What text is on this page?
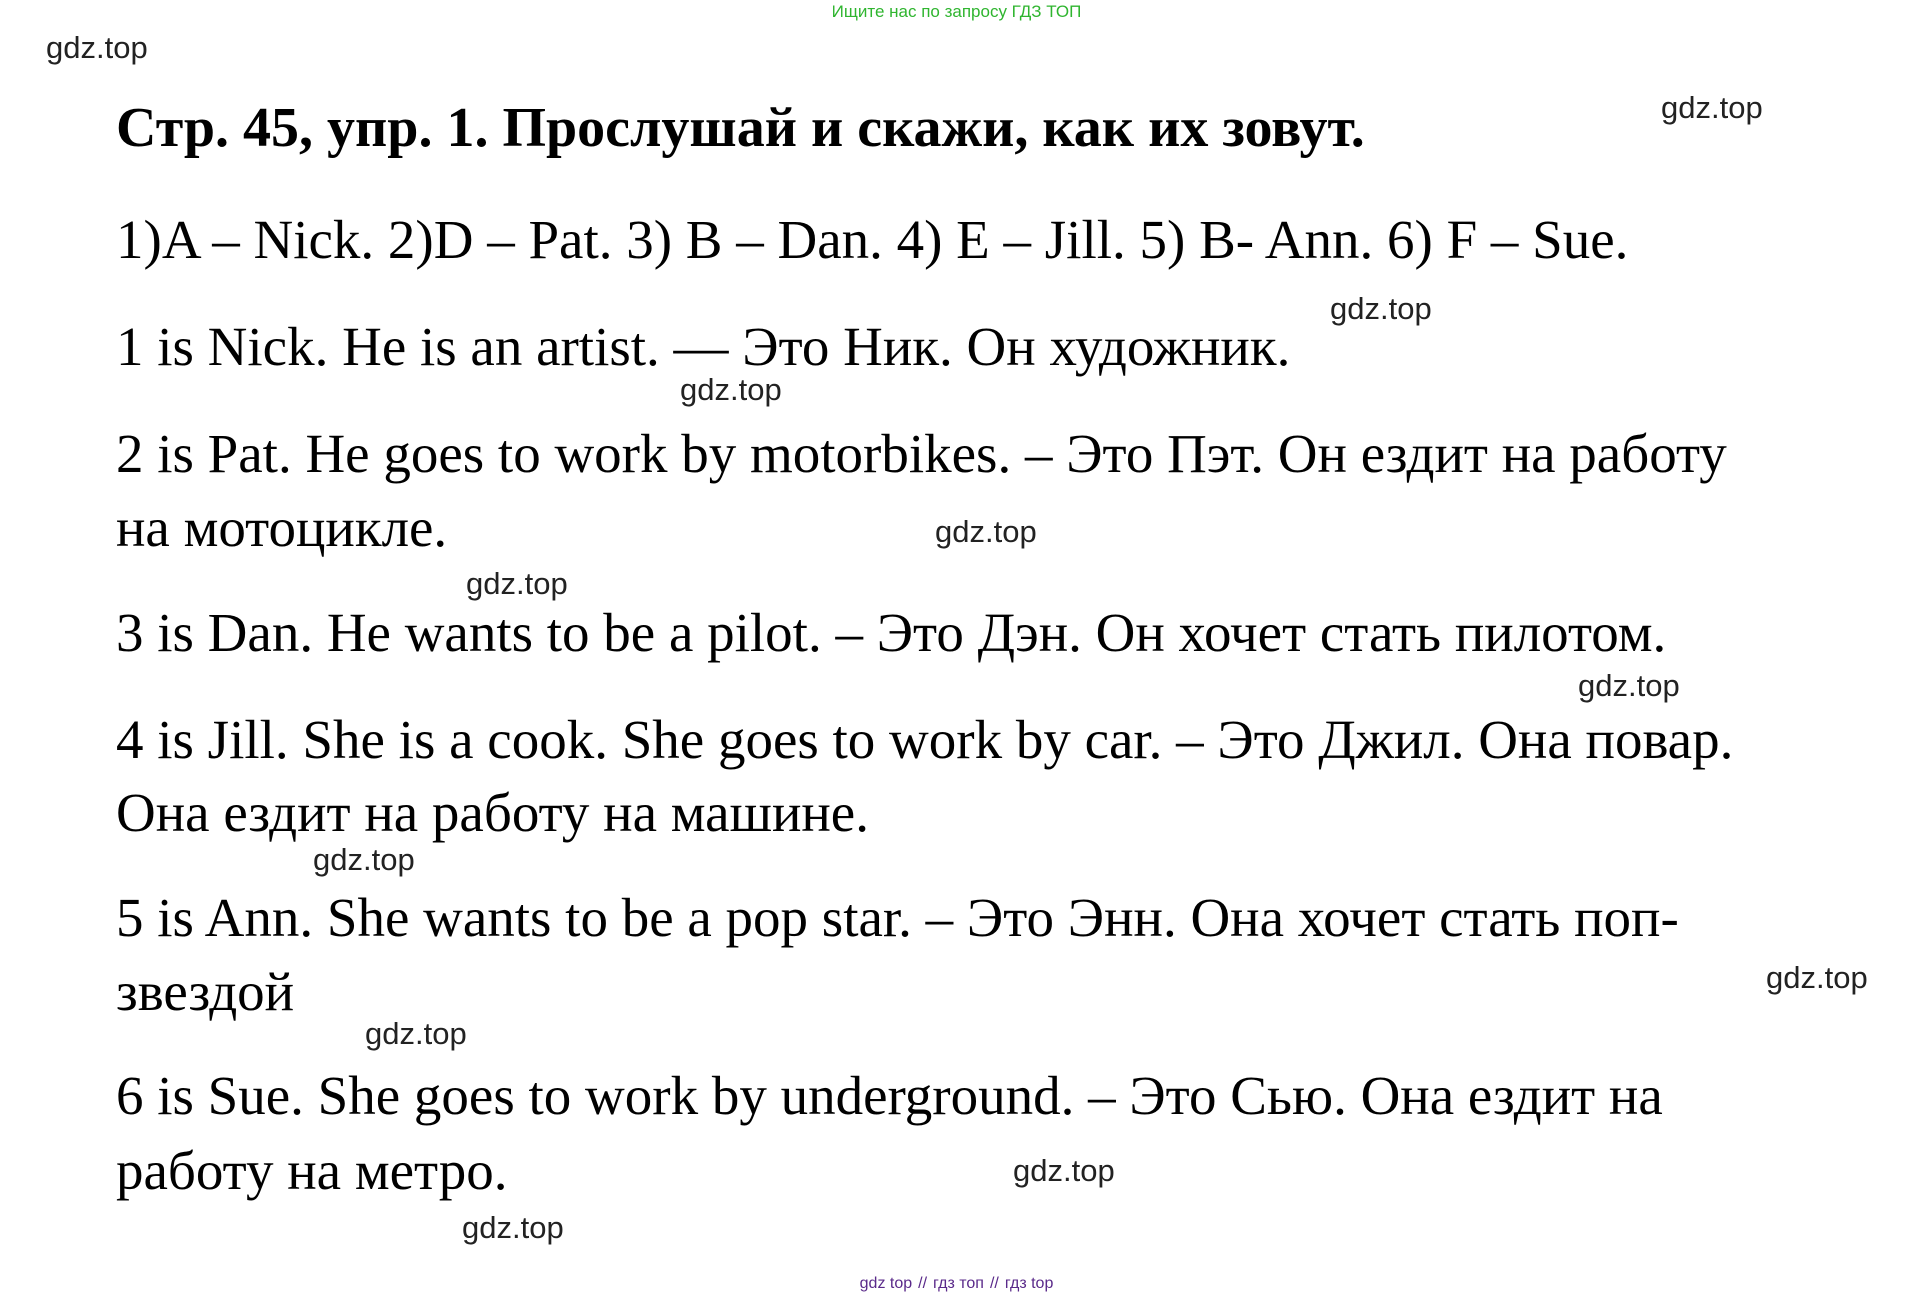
Ищите нас по запросу ГДЗ ТОП
gdz.top
gdz.top
gdz.top
gdz.top
gdz.top
gdz.top
gdz.top
gdz.top
gdz.top
gdz.top
gdz.top
gdz.top
Стр. 45, упр. 1. Прослушай и скажи, как их зовут.
1)A – Nick. 2)D – Pat. 3) B – Dan. 4) E – Jill. 5) B- Ann. 6) F – Sue.
1 is Nick. He is an artist. — Это Ник. Он художник.
2 is Pat. He goes to work by motorbikes. – Это Пэт. Он ездит на работу
на мотоцикле.
3 is Dan. He wants to be a pilot. – Это Дэн. Он хочет стать пилотом.
4 is Jill. She is a cook. She goes to work by car. – Это Джил. Она повар.
Она ездит на работу на машине.
5 is Ann. She wants to be a pop star. – Это Энн. Она хочет стать поп-
звездой
6 is Sue. She goes to work by underground. – Это Сью. Она ездит на
работу на метро.
gdz top // гдз топ // гдз top
